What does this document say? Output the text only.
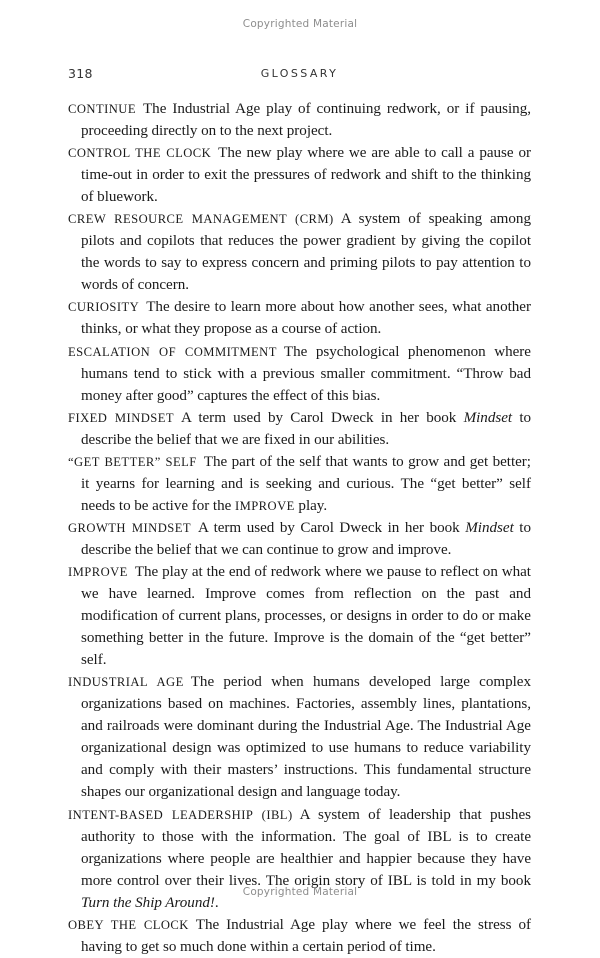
Copyrighted Material
318	GLOSSARY

CONTINUE The Industrial Age play of continuing redwork, or if pausing, proceeding directly on to the next project.

CONTROL THE CLOCK The new play where we are able to call a pause or time-out in order to exit the pressures of redwork and shift to the thinking of bluework.

CREW RESOURCE MANAGEMENT (CRM) A system of speaking among pilots and copilots that reduces the power gradient by giving the copilot the words to say to express concern and priming pilots to pay attention to words of concern.

CURIOSITY The desire to learn more about how another sees, what another thinks, or what they propose as a course of action.

ESCALATION OF COMMITMENT The psychological phenomenon where humans tend to stick with a previous smaller commitment. “Throw bad money after good” captures the effect of this bias.

FIXED MINDSET A term used by Carol Dweck in her book Mindset to describe the belief that we are fixed in our abilities.

“GET BETTER” SELF The part of the self that wants to grow and get better; it yearns for learning and is seeking and curious. The “get better” self needs to be active for the IMPROVE play.

GROWTH MINDSET A term used by Carol Dweck in her book Mindset to describe the belief that we can continue to grow and improve.

IMPROVE The play at the end of redwork where we pause to reflect on what we have learned. Improve comes from reflection on the past and modification of current plans, processes, or designs in order to do or make something better in the future. Improve is the domain of the “get better” self.

INDUSTRIAL AGE The period when humans developed large complex organizations based on machines. Factories, assembly lines, plantations, and railroads were dominant during the Industrial Age. The Industrial Age organizational design was optimized to use humans to reduce variability and comply with their masters’ instructions. This fundamental structure shapes our organizational design and language today.

INTENT-BASED LEADERSHIP (IBL) A system of leadership that pushes authority to those with the information. The goal of IBL is to create organizations where people are healthier and happier because they have more control over their lives. The origin story of IBL is told in my book Turn the Ship Around!.

OBEY THE CLOCK The Industrial Age play where we feel the stress of having to get so much done within a certain period of time.

Copyrighted Material
